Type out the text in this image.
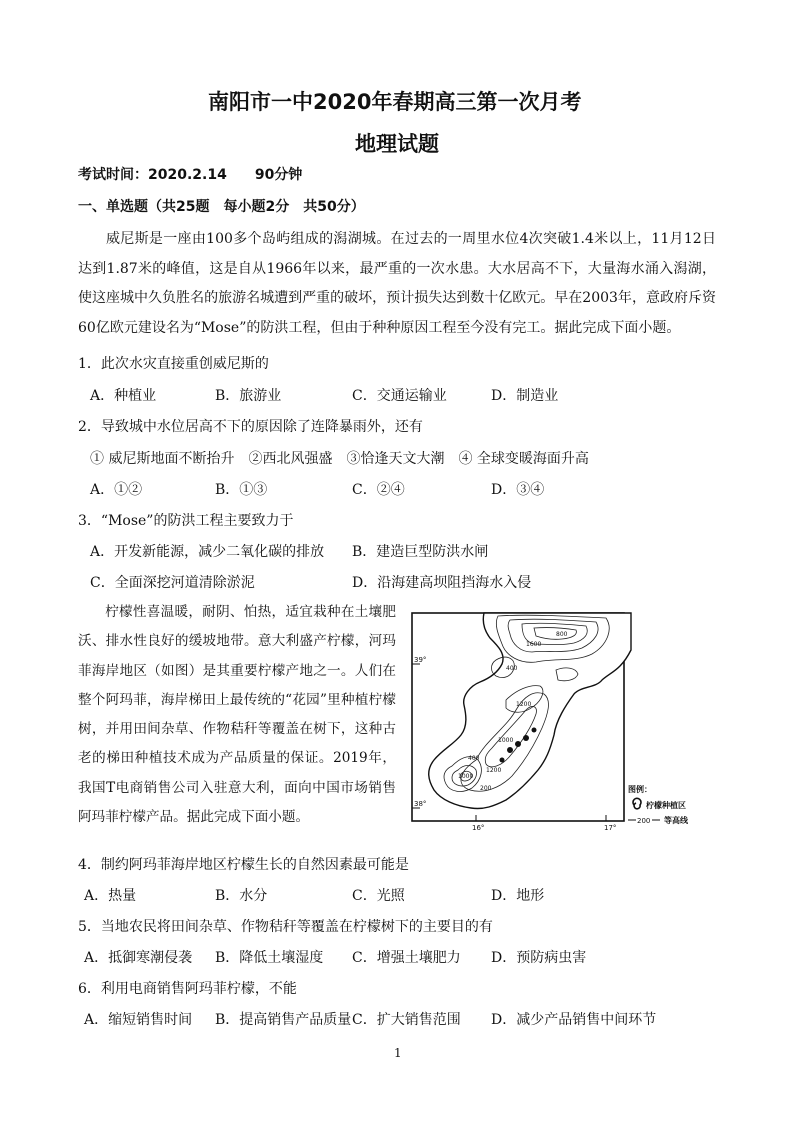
南阳市一中2020年春期高三第一次月考
地理试题
考试时间：2020.2.14　　90分钟
一、单选题（共25题　每小题2分　共50分）
威尼斯是一座由100多个岛屿组成的潟湖城。在过去的一周里水位4次突破1.4米以上，11月12日达到1.87米的峰值，这是自从1966年以来，最严重的一次水患。大水居高不下，大量海水涌入潟湖，使这座城中久负胜名的旅游名城遭到严重的破坏，预计损失达到数十亿欧元。早在2003年，意政府斥资60亿欧元建设名为“Mose”的防洪工程，但由于种种原因工程至今没有完工。据此完成下面小题。
1．此次水灾直接重创威尼斯的
A．种植业	B．旅游业	C．交通运输业	D．制造业
2．导致城中水位居高不下的原因除了连降暴雨外，还有
① 威尼斯地面不断抬升　②西北风强盛　③恰逢天文大潮　④ 全球变暖海面升高
A．①②	B．①③	C．②④	D．③④
3．“Mose”的防洪工程主要致力于
A．开发新能源，减少二氧化碳的排放 B．建造巨型防洪水闸
C．全面深挖河道清除淤泥	D．沿海建高坝阻挡海水入侵
柠檬性喜温暖，耐阴、怕热，适宜栽种在土壤肥沃、排水性良好的缓坡地带。意大利盛产柠檬，河玛菲海岸地区（如图）是其重要柠檬产地之一。人们在整个阿玛菲，海岸梯田上最传统的“花园”里种植柠檬树，并用田间杂草、作物秸秆等覆盖在树下，这种古老的梯田种植技术成为产品质量的保证。2019年，我国T电商销售公司入驻意大利，面向中国市场销售阿玛菲柠檬产品。据此完成下面小题。
1600
800
400
1200
1000
200
1000
400
1200
39°
38°
16°	17°
图例：
柠檬种植区
200 等高线
4．制约阿玛菲海岸地区柠檬生长的自然因素最可能是
A．热量	B．水分	C．光照	D．地形
5．当地农民将田间杂草、作物秸秆等覆盖在柠檬树下的主要目的有
A．抵御寒潮侵袭 B．降低土壤湿度 C．增强土壤肥力 D．预防病虫害
6．利用电商销售阿玛菲柠檬，不能
A．缩短销售时间 B．提高销售产品质量 C．扩大销售范围 D．减少产品销售中间环节
1
